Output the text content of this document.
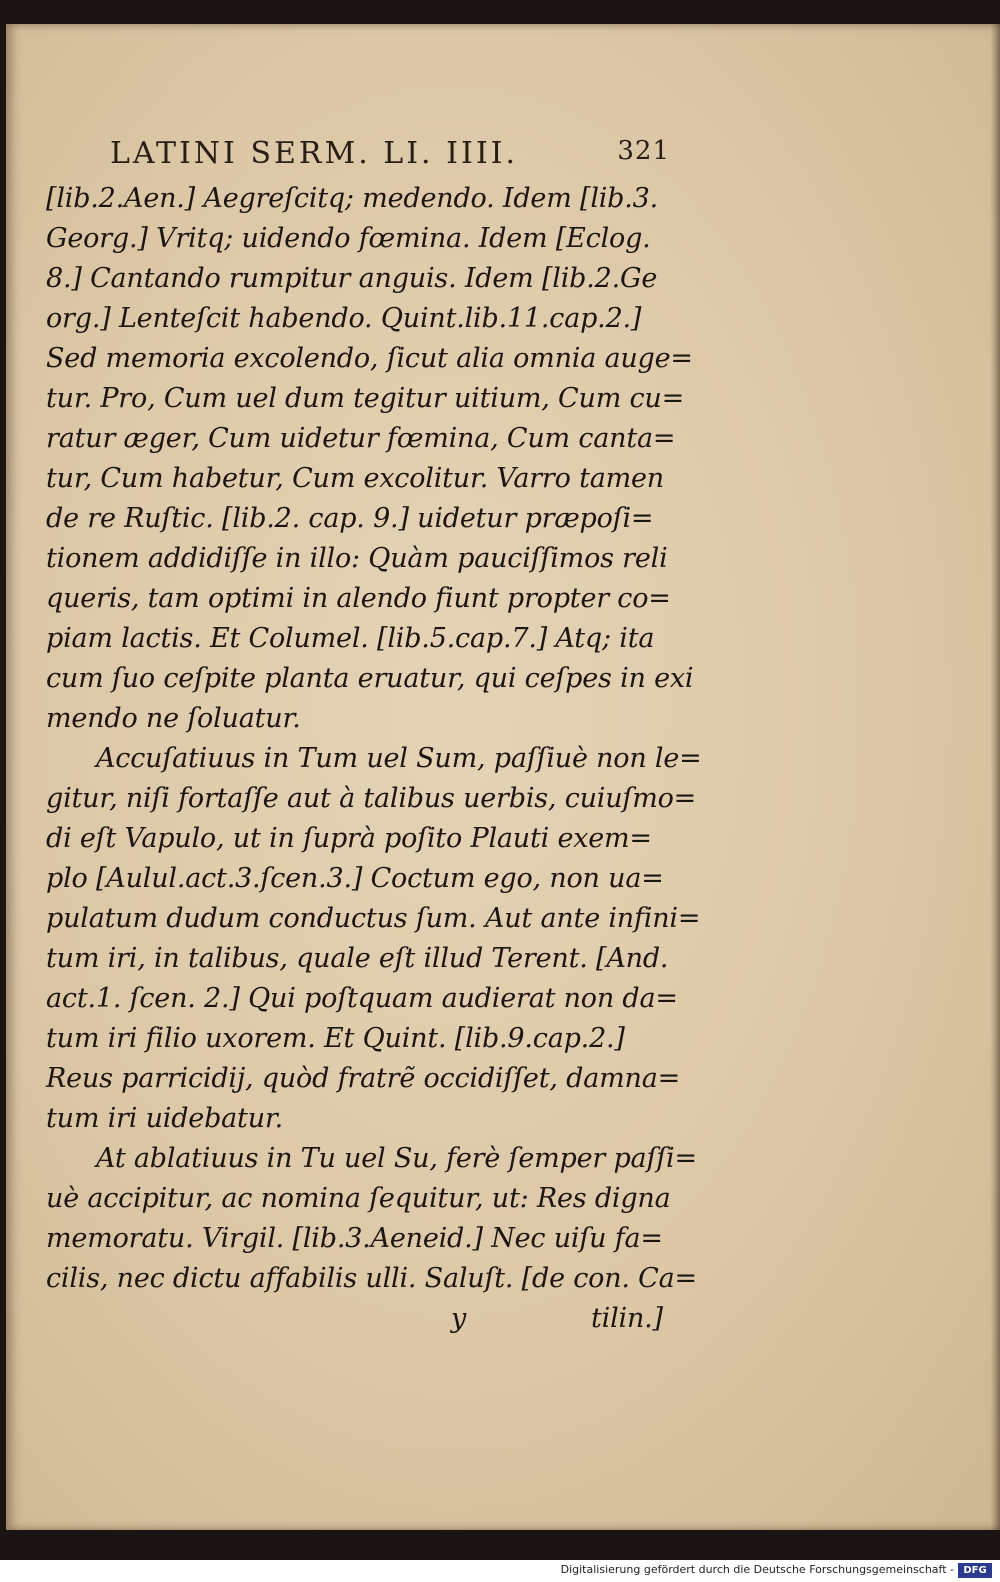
LATINI SERM. LI. IIII.	321
[lib.2.Aen.] Aegreſcitq; medendo. Idem [lib.3.
Georg.] Vritq; uidendo fœmina. Idem [Eclog.
8.] Cantando rumpitur anguis. Idem [lib.2.Ge
org.] Lenteſcit habendo. Quint.lib.11.cap.2.]
Sed memoria excolendo, ſicut alia omnia auge=
tur. Pro, Cum uel dum tegitur uitium, Cum cu=
ratur æger, Cum uidetur fœmina, Cum canta=
tur, Cum habetur, Cum excolitur. Varro tamen
de re Ruſtic. [lib.2. cap. 9.] uidetur præpoſi=
tionem addidiſſe in illo: Quàm pauciſſimos reli
queris, tam optimi in alendo fiunt propter co=
piam lactis. Et Columel. [lib.5.cap.7.] Atq; ita
cum ſuo ceſpite planta eruatur, qui ceſpes in exi
mendo ne ſoluatur.
Accuſatiuus in Tum uel Sum, paſſiuè non le=
gitur, niſi fortaſſe aut à talibus uerbis, cuiuſmo=
di eſt Vapulo, ut in ſuprà poſito Plauti exem=
plo [Aulul.act.3.ſcen.3.] Coctum ego, non ua=
pulatum dudum conductus ſum. Aut ante infini=
tum iri, in talibus, quale eſt illud Terent. [And.
act.1. ſcen. 2.] Qui poſtquam audierat non da=
tum iri filio uxorem. Et Quint. [lib.9.cap.2.]
Reus parricidij, quòd fratrẽ occidiſſet, damna=
tum iri uidebatur.
At ablatiuus in Tu uel Su, ferè ſemper paſſi=
uè accipitur, ac nomina ſequitur, ut: Res digna
memoratu. Virgil. [lib.3.Aeneid.] Nec uiſu fa=
cilis, nec dictu affabilis ulli. Saluſt. [de con. Ca=
y	tilin.]
Digitalisierung gefördert durch die Deutsche Forschungsgemeinschaft - DFG
